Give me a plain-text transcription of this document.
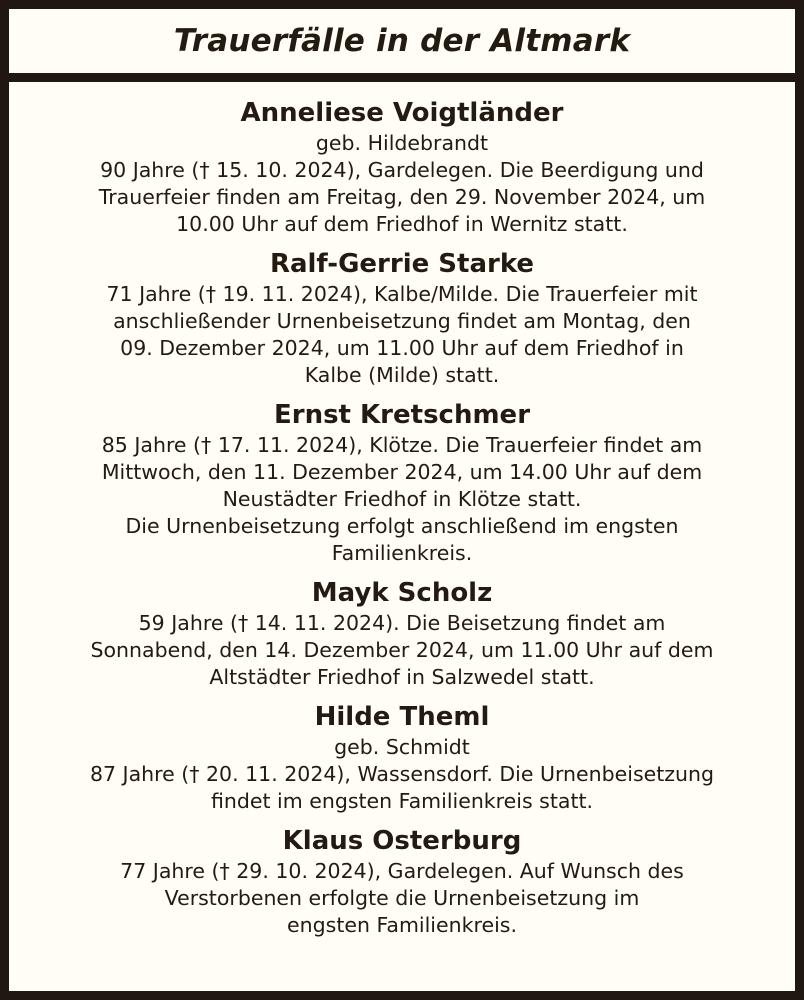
Trauerfälle in der Altmark
Anneliese Voigtländer
geb. Hildebrandt
90 Jahre († 15. 10. 2024), Gardelegen. Die Beerdigung und
Trauerfeier finden am Freitag, den 29. November 2024, um
10.00 Uhr auf dem Friedhof in Wernitz statt.
Ralf-Gerrie Starke
71 Jahre († 19. 11. 2024), Kalbe/Milde. Die Trauerfeier mit
anschließender Urnenbeisetzung findet am Montag, den
09. Dezember 2024, um 11.00 Uhr auf dem Friedhof in
Kalbe (Milde) statt.
Ernst Kretschmer
85 Jahre († 17. 11. 2024), Klötze. Die Trauerfeier findet am
Mittwoch, den 11. Dezember 2024, um 14.00 Uhr auf dem
Neustädter Friedhof in Klötze statt.
Die Urnenbeisetzung erfolgt anschließend im engsten
Familienkreis.
Mayk Scholz
59 Jahre († 14. 11. 2024). Die Beisetzung findet am
Sonnabend, den 14. Dezember 2024, um 11.00 Uhr auf dem
Altstädter Friedhof in Salzwedel statt.
Hilde Theml
geb. Schmidt
87 Jahre († 20. 11. 2024), Wassensdorf. Die Urnenbeisetzung
findet im engsten Familienkreis statt.
Klaus Osterburg
77 Jahre († 29. 10. 2024), Gardelegen. Auf Wunsch des
Verstorbenen erfolgte die Urnenbeisetzung im
engsten Familienkreis.
